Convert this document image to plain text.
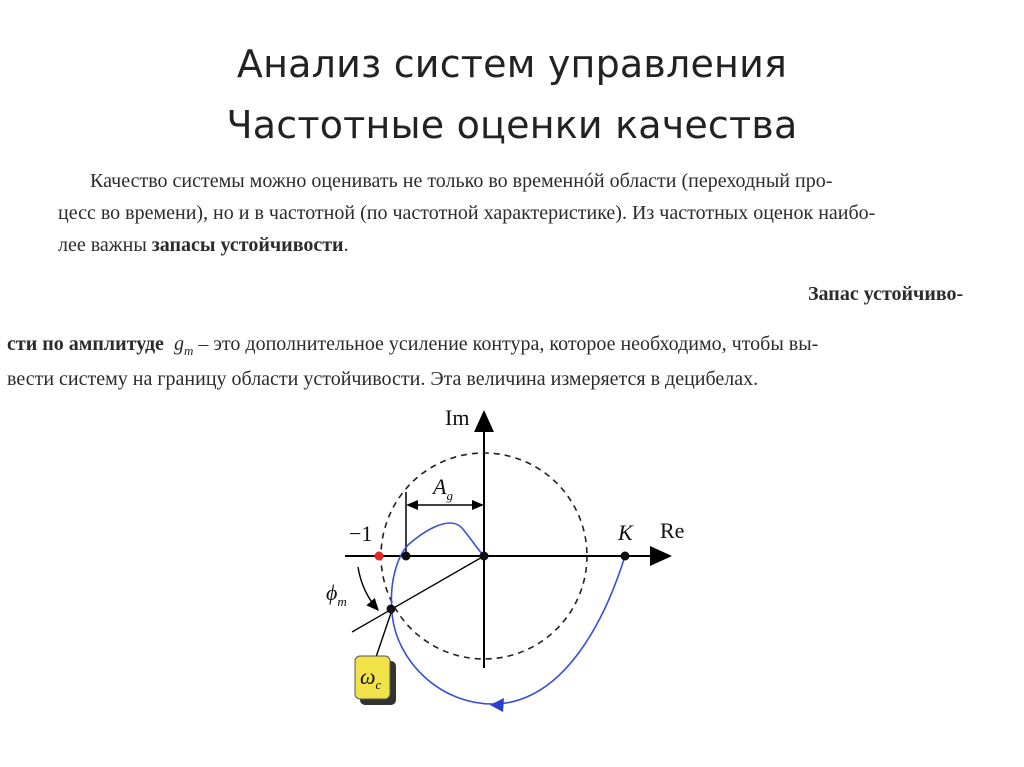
Анализ систем управления
Частотные оценки качества
Качество системы можно оценивать не только во временнóй области (переходный про-
цесс во времени), но и в частотной (по частотной характеристике). Из частотных оценок наибо-
лее важны запасы устойчивости.
Запас устойчиво-
сти по амплитуде $g_m$ – это дополнительное усиление контура, которое необходимо, чтобы вы-
вести систему на границу области устойчивости. Эта величина измеряется в децибелах.
Im
Re
$A_g$
$\phi_m$
−1	K
$\omega_c$
